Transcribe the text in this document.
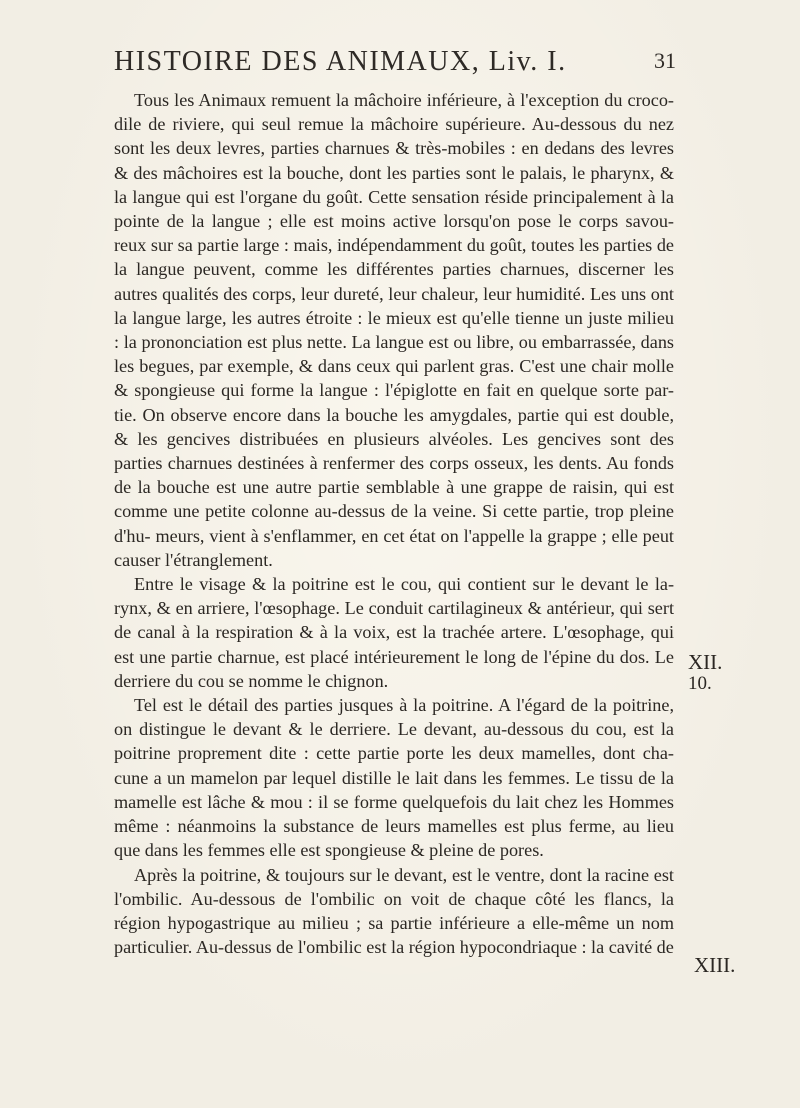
HISTOIRE DES ANIMAUX, Liv. I.	31

Tous les Animaux remuent la mâchoire inférieure, à l'exception du croco- dile de riviere, qui seul remue la mâchoire supérieure. Au-dessous du nez sont les deux levres, parties charnues & très-mobiles : en dedans des levres & des mâchoires est la bouche, dont les parties sont le palais, le pharynx, & la langue qui est l'organe du goût. Cette sensation réside principalement à la pointe de la langue ; elle est moins active lorsqu'on pose le corps savou- reux sur sa partie large : mais, indépendamment du goût, toutes les parties de la langue peuvent, comme les différentes parties charnues, discerner les autres qualités des corps, leur dureté, leur chaleur, leur humidité. Les uns ont la langue large, les autres étroite : le mieux est qu'elle tienne un juste milieu : la prononciation est plus nette. La langue est ou libre, ou embarrassée, dans les begues, par exemple, & dans ceux qui parlent gras. C'est une chair molle & spongieuse qui forme la langue : l'épiglotte en fait en quelque sorte par- tie. On observe encore dans la bouche les amygdales, partie qui est double, & les gencives distribuées en plusieurs alvéoles. Les gencives sont des parties charnues destinées à renfermer des corps osseux, les dents. Au fonds de la bouche est une autre partie semblable à une grappe de raisin, qui est comme une petite colonne au-dessus de la veine. Si cette partie, trop pleine d'hu- meurs, vient à s'enflammer, en cet état on l'appelle la grappe ; elle peut causer l'étranglement.

Entre le visage & la poitrine est le cou, qui contient sur le devant le la- rynx, & en arriere, l'œsophage. Le conduit cartilagineux & antérieur, qui sert de canal à la respiration & à la voix, est la trachée artere. L'œsophage, qui est une partie charnue, est placé intérieurement le long de l'épine du dos. Le derriere du cou se nomme le chignon.

Tel est le détail des parties jusques à la poitrine. A l'égard de la poitrine, on distingue le devant & le derriere. Le devant, au-dessous du cou, est la poitrine proprement dite : cette partie porte les deux mamelles, dont cha- cune a un mamelon par lequel distille le lait dans les femmes. Le tissu de la mamelle est lâche & mou : il se forme quelquefois du lait chez les Hommes même : néanmoins la substance de leurs mamelles est plus ferme, au lieu que dans les femmes elle est spongieuse & pleine de pores.

Après la poitrine, & toujours sur le devant, est le ventre, dont la racine est l'ombilic. Au-dessous de l'ombilic on voit de chaque côté les flancs, la région hypogastrique au milieu ; sa partie inférieure a elle-même un nom particulier. Au-dessus de l'ombilic est la région hypocondriaque : la cavité de

XII.
10.
XIII.
